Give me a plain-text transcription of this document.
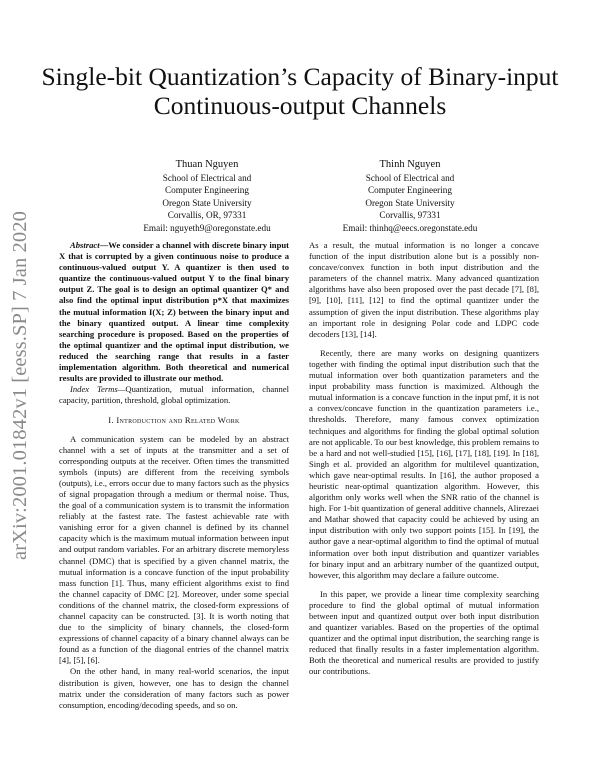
arXiv:2001.01842v1 [eess.SP] 7 Jan 2020
Single-bit Quantization’s Capacity of Binary-input Continuous-output Channels
Thuan Nguyen
School of Electrical and
Computer Engineering
Oregon State University
Corvallis, OR, 97331
Email: nguyeth9@oregonstate.edu
Thinh Nguyen
School of Electrical and
Computer Engineering
Oregon State University
Corvallis, 97331
Email: thinhq@eecs.oregonstate.edu

Abstract—We consider a channel with discrete binary input X that is corrupted by a given continuous noise to produce a continuous-valued output Y. A quantizer is then used to quantize the continuous-valued output Y to the final binary output Z. The goal is to design an optimal quantizer Q* and also find the optimal input distribution p*X that maximizes the mutual information I(X; Z) between the binary input and the binary quantized output. A linear time complexity searching procedure is proposed. Based on the properties of the optimal quantizer and the optimal input distribution, we reduced the searching range that results in a faster implementation algorithm. Both theoretical and numerical results are provided to illustrate our method.

Index Terms—Quantization, mutual information, channel capacity, partition, threshold, global optimization.

I. Introduction and Related Work

A communication system can be modeled by an abstract channel with a set of inputs at the transmitter and a set of corresponding outputs at the receiver. Often times the transmitted symbols (inputs) are different from the receiving symbols (outputs), i.e., errors occur due to many factors such as the physics of signal propagation through a medium or thermal noise. Thus, the goal of a communication system is to transmit the information reliably at the fastest rate. The fastest achievable rate with vanishing error for a given channel is defined by its channel capacity which is the maximum mutual information between input and output random variables. For an arbitrary discrete memoryless channel (DMC) that is specified by a given channel matrix, the mutual information is a concave function of the input probability mass function [1]. Thus, many efficient algorithms exist to find the channel capacity of DMC [2]. Moreover, under some special conditions of the channel matrix, the closed-form expressions of channel capacity can be constructed. [3]. It is worth noting that due to the simplicity of binary channels, the closed-form expressions of channel capacity of a binary channel always can be found as a function of the diagonal entries of the channel matrix [4], [5], [6].

On the other hand, in many real-world scenarios, the input distribution is given, however, one has to design the channel matrix under the consideration of many factors such as power consumption, encoding/decoding speeds, and so on.

As a result, the mutual information is no longer a concave function of the input distribution alone but is a possibly non-concave/convex function in both input distribution and the parameters of the channel matrix. Many advanced quantization algorithms have also been proposed over the past decade [7], [8], [9], [10], [11], [12] to find the optimal quantizer under the assumption of given the input distribution. These algorithms play an important role in designing Polar code and LDPC code decoders [13], [14].

Recently, there are many works on designing quantizers together with finding the optimal input distribution such that the mutual information over both quantization parameters and the input probability mass function is maximized. Although the mutual information is a concave function in the input pmf, it is not a convex/concave function in the quantization parameters i.e., thresholds. Therefore, many famous convex optimization techniques and algorithms for finding the global optimal solution are not applicable. To our best knowledge, this problem remains to be a hard and not well-studied [15], [16], [17], [18], [19]. In [18], Singh et al. provided an algorithm for multilevel quantization, which gave near-optimal results. In [16], the author proposed a heuristic near-optimal quantization algorithm. However, this algorithm only works well when the SNR ratio of the channel is high. For 1-bit quantization of general additive channels, Alirezaei and Mathar showed that capacity could be achieved by using an input distribution with only two support points [15]. In [19], the author gave a near-optimal algorithm to find the optimal of mutual information over both input distribution and quantizer variables for binary input and an arbitrary number of the quantized output, however, this algorithm may declare a failure outcome.

In this paper, we provide a linear time complexity searching procedure to find the global optimal of mutual information between input and quantized output over both input distribution and quantizer variables. Based on the properties of the optimal quantizer and the optimal input distribution, the searching range is reduced that finally results in a faster implementation algorithm. Both the theoretical and numerical results are provided to justify our contributions.
